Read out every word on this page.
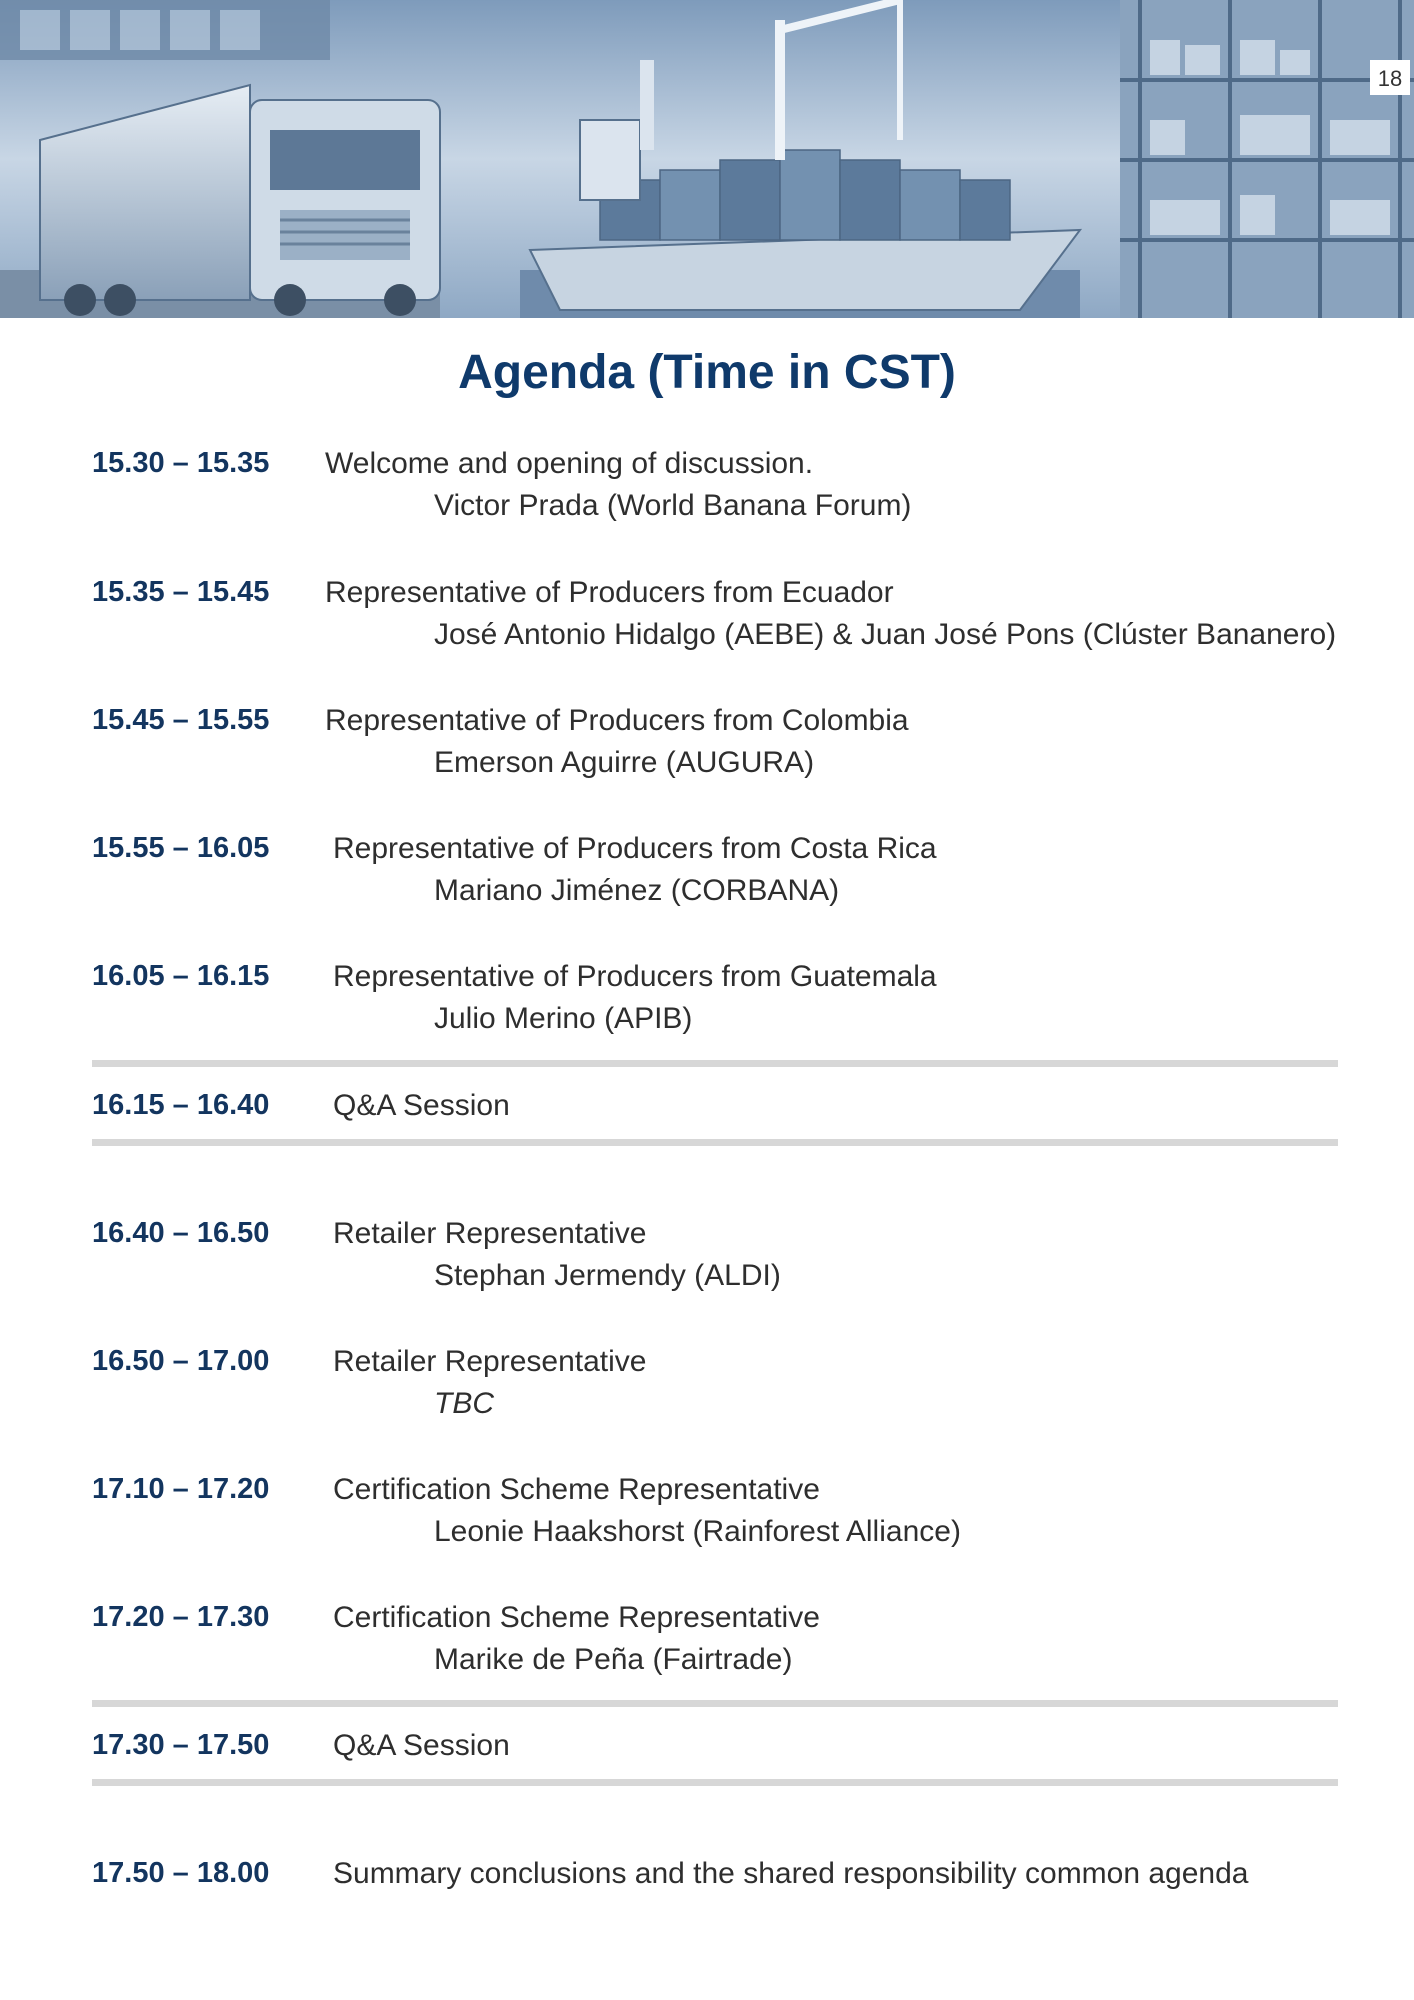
18
Agenda (Time in CST)
15.30 – 15.35 Welcome and opening of discussion.
Victor Prada (World Banana Forum)
15.35 – 15.45 Representative of Producers from Ecuador
José Antonio Hidalgo (AEBE) & Juan José Pons (Clúster Bananero)
15.45 – 15.55 Representative of Producers from Colombia
Emerson Aguirre (AUGURA)
15.55 – 16.05 Representative of Producers from Costa Rica
Mariano Jiménez (CORBANA)
16.05 – 16.15 Representative of Producers from Guatemala
Julio Merino (APIB)
16.15 – 16.40 Q&A Session
16.40 – 16.50 Retailer Representative
Stephan Jermendy (ALDI)
16.50 – 17.00 Retailer Representative
TBC
17.10 – 17.20 Certification Scheme Representative
Leonie Haakshorst (Rainforest Alliance)
17.20 – 17.30 Certification Scheme Representative
Marike de Peña (Fairtrade)
17.30 – 17.50 Q&A Session
17.50 – 18.00 Summary conclusions and the shared responsibility common agenda
